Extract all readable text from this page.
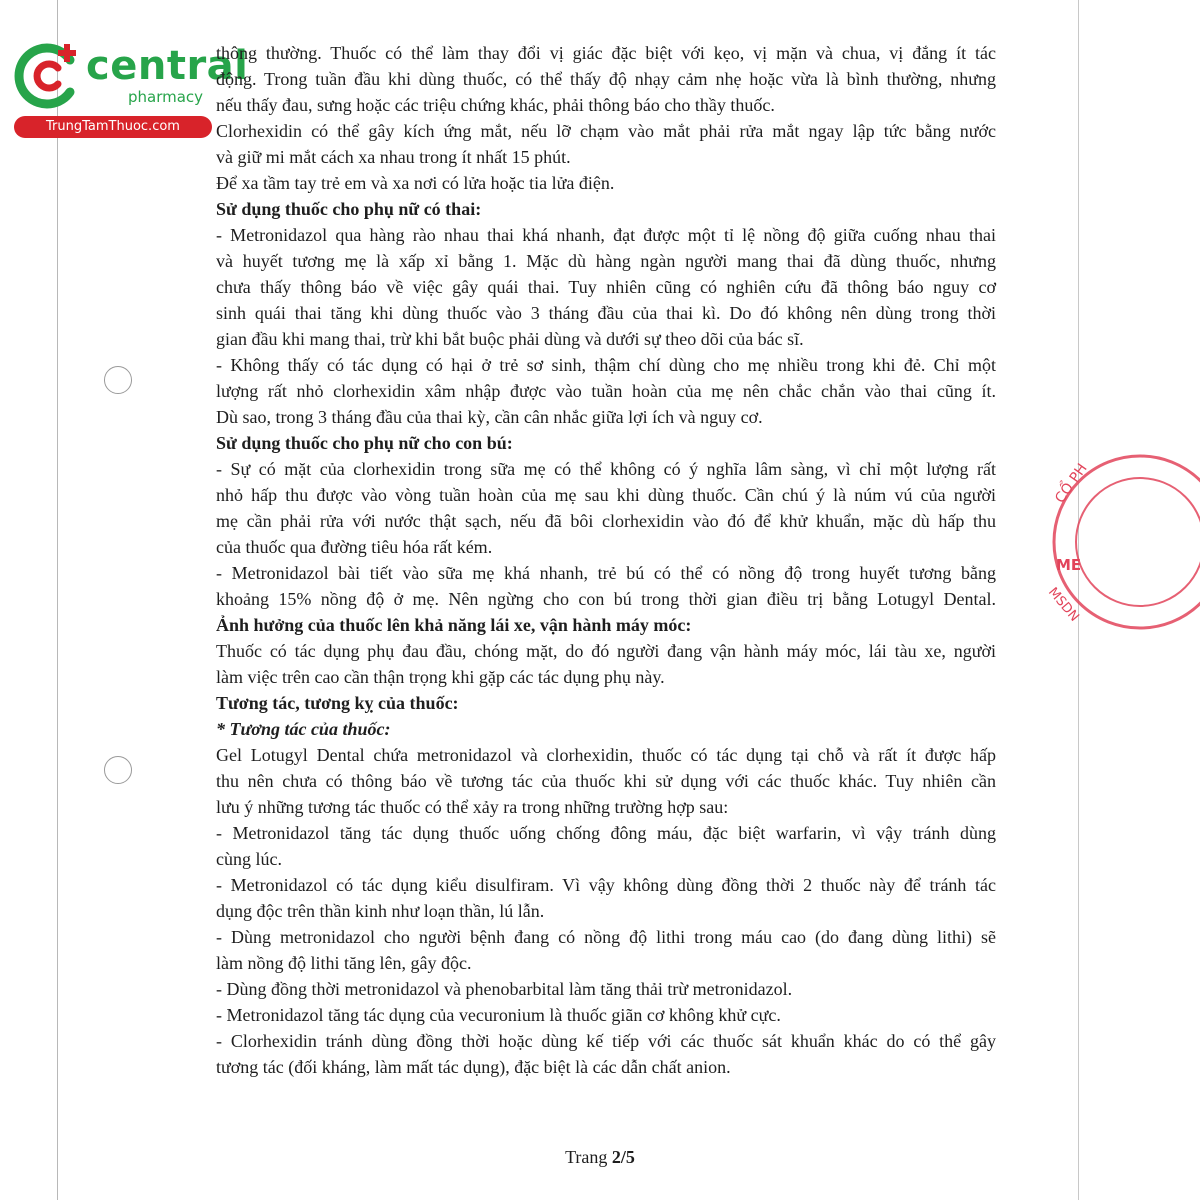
central
pharmacy
TrungTamThuoc.com
CỔ PH
ME
MSDN
thông thường. Thuốc có thể làm thay đổi vị giác đặc biệt với kẹo, vị mặn và chua, vị đắng ít tác
động. Trong tuần đầu khi dùng thuốc, có thể thấy độ nhạy cảm nhẹ hoặc vừa là bình thường, nhưng
nếu thấy đau, sưng hoặc các triệu chứng khác, phải thông báo cho thầy thuốc.
Clorhexidin có thể gây kích ứng mắt, nếu lỡ chạm vào mắt phải rửa mắt ngay lập tức bằng nước
và giữ mi mắt cách xa nhau trong ít nhất 15 phút.
Để xa tầm tay trẻ em và xa nơi có lửa hoặc tia lửa điện.
Sử dụng thuốc cho phụ nữ có thai:
- Metronidazol qua hàng rào nhau thai khá nhanh, đạt được một tỉ lệ nồng độ giữa cuống nhau thai
và huyết tương mẹ là xấp xỉ bằng 1. Mặc dù hàng ngàn người mang thai đã dùng thuốc, nhưng
chưa thấy thông báo về việc gây quái thai. Tuy nhiên cũng có nghiên cứu đã thông báo nguy cơ
sinh quái thai tăng khi dùng thuốc vào 3 tháng đầu của thai kì. Do đó không nên dùng trong thời
gian đầu khi mang thai, trừ khi bắt buộc phải dùng và dưới sự theo dõi của bác sĩ.
- Không thấy có tác dụng có hại ở trẻ sơ sinh, thậm chí dùng cho mẹ nhiều trong khi đẻ. Chỉ một
lượng rất nhỏ clorhexidin xâm nhập được vào tuần hoàn của mẹ nên chắc chắn vào thai cũng ít.
Dù sao, trong 3 tháng đầu của thai kỳ, cần cân nhắc giữa lợi ích và nguy cơ.
Sử dụng thuốc cho phụ nữ cho con bú:
- Sự có mặt của clorhexidin trong sữa mẹ có thể không có ý nghĩa lâm sàng, vì chỉ một lượng rất
nhỏ hấp thu được vào vòng tuần hoàn của mẹ sau khi dùng thuốc. Cần chú ý là núm vú của người
mẹ cần phải rửa với nước thật sạch, nếu đã bôi clorhexidin vào đó để khử khuẩn, mặc dù hấp thu
của thuốc qua đường tiêu hóa rất kém.
- Metronidazol bài tiết vào sữa mẹ khá nhanh, trẻ bú có thể có nồng độ trong huyết tương bằng
khoảng 15% nồng độ ở mẹ. Nên ngừng cho con bú trong thời gian điều trị bằng Lotugyl Dental.
Ảnh hưởng của thuốc lên khả năng lái xe, vận hành máy móc:
Thuốc có tác dụng phụ đau đầu, chóng mặt, do đó người đang vận hành máy móc, lái tàu xe, người
làm việc trên cao cần thận trọng khi gặp các tác dụng phụ này.
Tương tác, tương kỵ của thuốc:
* Tương tác của thuốc:
Gel Lotugyl Dental chứa metronidazol và clorhexidin, thuốc có tác dụng tại chỗ và rất ít được hấp
thu nên chưa có thông báo về tương tác của thuốc khi sử dụng với các thuốc khác. Tuy nhiên cần
lưu ý những tương tác thuốc có thể xảy ra trong những trường hợp sau:
- Metronidazol tăng tác dụng thuốc uống chống đông máu, đặc biệt warfarin, vì vậy tránh dùng
cùng lúc.
- Metronidazol có tác dụng kiểu disulfiram. Vì vậy không dùng đồng thời 2 thuốc này để tránh tác
dụng độc trên thần kinh như loạn thần, lú lẫn.
- Dùng metronidazol cho người bệnh đang có nồng độ lithi trong máu cao (do đang dùng lithi) sẽ
làm nồng độ lithi tăng lên, gây độc.
- Dùng đồng thời metronidazol và phenobarbital làm tăng thải trừ metronidazol.
- Metronidazol tăng tác dụng của vecuronium là thuốc giãn cơ không khử cực.
- Clorhexidin tránh dùng đồng thời hoặc dùng kế tiếp với các thuốc sát khuẩn khác do có thể gây
tương tác (đối kháng, làm mất tác dụng), đặc biệt là các dẫn chất anion.
Trang 2/5
